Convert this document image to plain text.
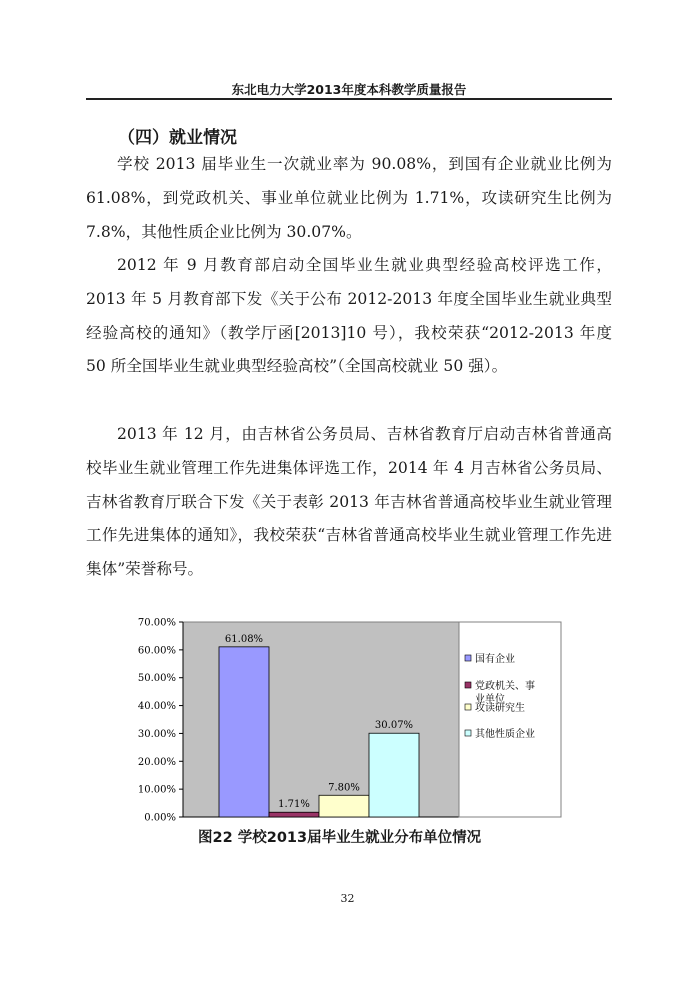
东北电力大学2013年度本科教学质量报告
（四）就业情况

学校 2013 届毕业生一次就业率为 90.08%，到国有企业就业比例为 61.08%，到党政机关、事业单位就业比例为 1.71%，攻读研究生比例为 7.8%，其他性质企业比例为 30.07%。

2012 年 9 月教育部启动全国毕业生就业典型经验高校评选工作， 2013 年 5 月教育部下发《关于公布 2012-2013 年度全国毕业生就业典型经验高校的通知》（教学厅函[2013]10 号），我校荣获“2012-2013 年度 50 所全国毕业生就业典型经验高校”（全国高校就业 50 强）。

2013 年 12 月，由吉林省公务员局、吉林省教育厅启动吉林省普通高校毕业生就业管理工作先进集体评选工作，2014 年 4 月吉林省公务员局、吉林省教育厅联合下发《关于表彰 2013 年吉林省普通高校毕业生就业管理工作先进集体的通知》，我校荣获“吉林省普通高校毕业生就业管理工作先进集体”荣誉称号。

0.00%
10.00%
20.00%
30.00%
40.00%
50.00%
60.00%
70.00%
61.08%
1.71%
7.80%
30.07%
国有企业
党政机关、事
业单位
攻读研究生
其他性质企业
图22 学校2013届毕业生就业分布单位情况
32
